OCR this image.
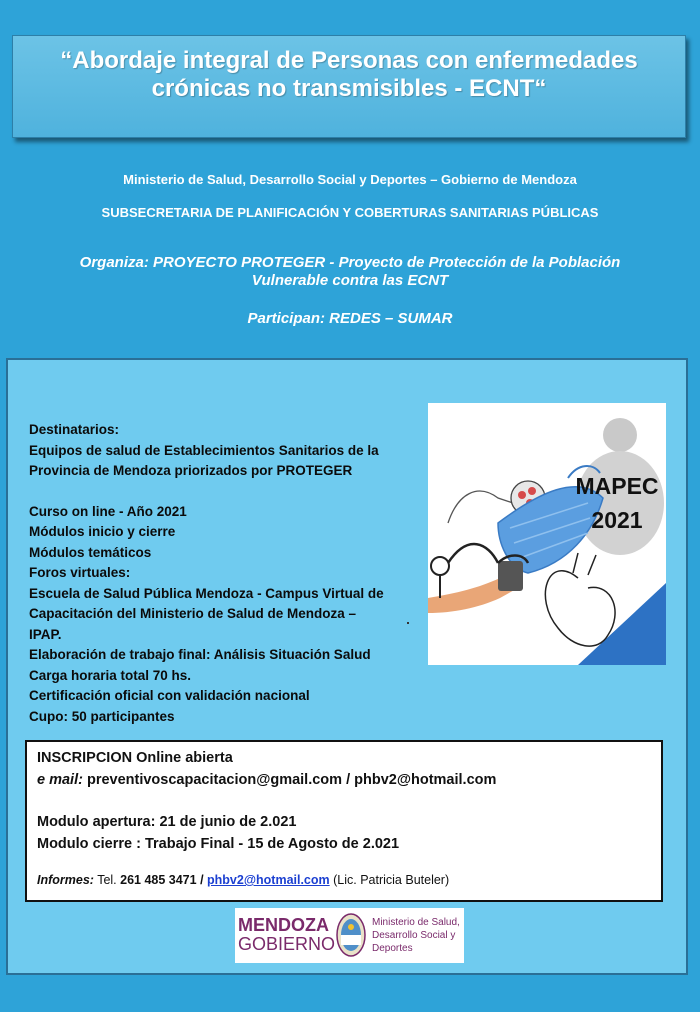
“Abordaje integral de Personas con enfermedades
crónicas no transmisibles - ECNT“
Ministerio de Salud, Desarrollo Social y Deportes – Gobierno de Mendoza
SUBSECRETARIA DE PLANIFICACIÓN Y COBERTURAS SANITARIAS PÚBLICAS
Organiza: PROYECTO PROTEGER - Proyecto de Protección de la Población
Vulnerable contra las ECNT
Participan: REDES – SUMAR
Destinatarios:
Equipos de salud de Establecimientos Sanitarios de la
Provincia de Mendoza priorizados por PROTEGER
Curso on line - Año 2021
Módulos inicio y cierre
Módulos temáticos
Foros virtuales:
Escuela de Salud Pública Mendoza - Campus Virtual de
Capacitación del Ministerio de Salud de Mendoza –
IPAP.
Elaboración de trabajo final: Análisis Situación Salud
Carga horaria total 70 hs.
Certificación oficial con validación nacional
Cupo: 50 participantes
MAPEC
2021
INSCRIPCION Online abierta
e mail: preventivoscapacitacion@gmail.com / phbv2@hotmail.com
Modulo apertura: 21 de junio de 2.021
Modulo cierre : Trabajo Final - 15 de Agosto de 2.021
Informes: Tel. 261 485 3471 / phbv2@hotmail.com (Lic. Patricia Buteler)
MENDOZA
GOBIERNO
Ministerio de Salud,
Desarrollo Social y
Deportes
